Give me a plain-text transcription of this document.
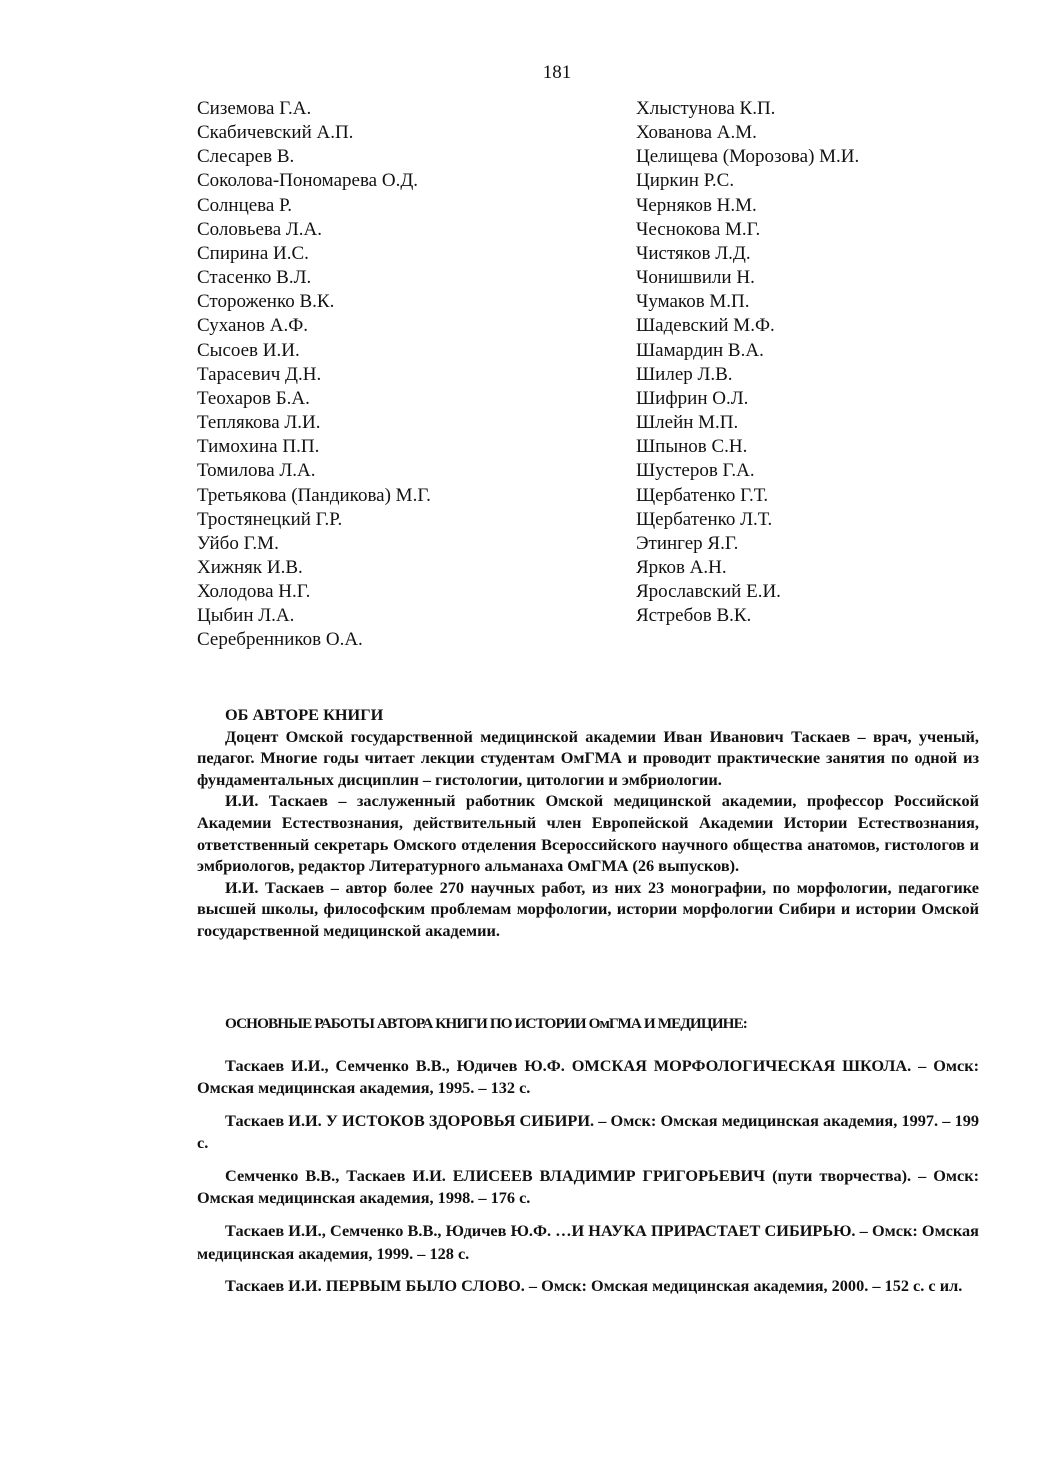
181
Сиземова Г.А.
Скабичевский А.П.
Слесарев В.
Соколова-Пономарева О.Д.
Солнцева Р.
Соловьева Л.А.
Спирина И.С.
Стасенко В.Л.
Стороженко В.К.
Суханов А.Ф.
Сысоев И.И.
Тарасевич Д.Н.
Теохаров Б.А.
Теплякова Л.И.
Тимохина П.П.
Томилова Л.А.
Третьякова (Пандикова) М.Г.
Тростянецкий Г.Р.
Уйбо Г.М.
Хижняк И.В.
Холодова Н.Г.
Цыбин Л.А.
Серебренников О.А.
Хлыстунова К.П.
Хованова А.М.
Целищева (Морозова) М.И.
Циркин Р.С.
Черняков Н.М.
Чеснокова М.Г.
Чистяков Л.Д.
Чонишвили Н.
Чумаков М.П.
Шадевский М.Ф.
Шамардин В.А.
Шилер Л.В.
Шифрин О.Л.
Шлейн М.П.
Шпынов С.Н.
Шустеров Г.А.
Щербатенко Г.Т.
Щербатенко Л.Т.
Этингер Я.Г.
Ярков А.Н.
Ярославский Е.И.
Ястребов В.К.
ОБ АВТОРЕ КНИГИ

Доцент Омской государственной медицинской академии Иван Иванович Таскаев – врач, ученый, педагог. Многие годы читает лекции студентам ОмГМА и проводит практические занятия по одной из фундаментальных дисциплин – гистологии, цитологии и эмбриологии.

И.И. Таскаев – заслуженный работник Омской медицинской академии, профессор Российской Академии Естествознания, действительный член Европейской Академии Истории Естествознания, ответственный секретарь Омского отделения Всероссийского научного общества анатомов, гистологов и эмбриологов, редактор Литературного альманаха ОмГМА (26 выпусков).

И.И. Таскаев – автор более 270 научных работ, из них 23 монографии, по морфологии, педагогике высшей школы, философским проблемам морфологии, истории морфологии Сибири и истории Омской государственной медицинской академии.

ОСНОВНЫЕ РАБОТЫ АВТОРА КНИГИ ПО ИСТОРИИ ОмГМА И МЕДИЦИНЕ:
Таскаев И.И., Семченко В.В., Юдичев Ю.Ф. ОМСКАЯ МОРФОЛОГИЧЕСКАЯ ШКОЛА. – Омск: Омская медицинская академия, 1995. – 132 с.
Таскаев И.И. У ИСТОКОВ ЗДОРОВЬЯ СИБИРИ. – Омск: Омская медицинская академия, 1997. – 199 с.
Семченко В.В., Таскаев И.И. ЕЛИСЕЕВ ВЛАДИМИР ГРИГОРЬЕВИЧ (пути творчества). – Омск: Омская медицинская академия, 1998. – 176 с.
Таскаев И.И., Семченко В.В., Юдичев Ю.Ф. …И НАУКА ПРИРАСТАЕТ СИБИРЬЮ. – Омск: Омская медицинская академия, 1999. – 128 с.
Таскаев И.И. ПЕРВЫМ БЫЛО СЛОВО. – Омск: Омская медицинская академия, 2000. – 152 с. с ил.
